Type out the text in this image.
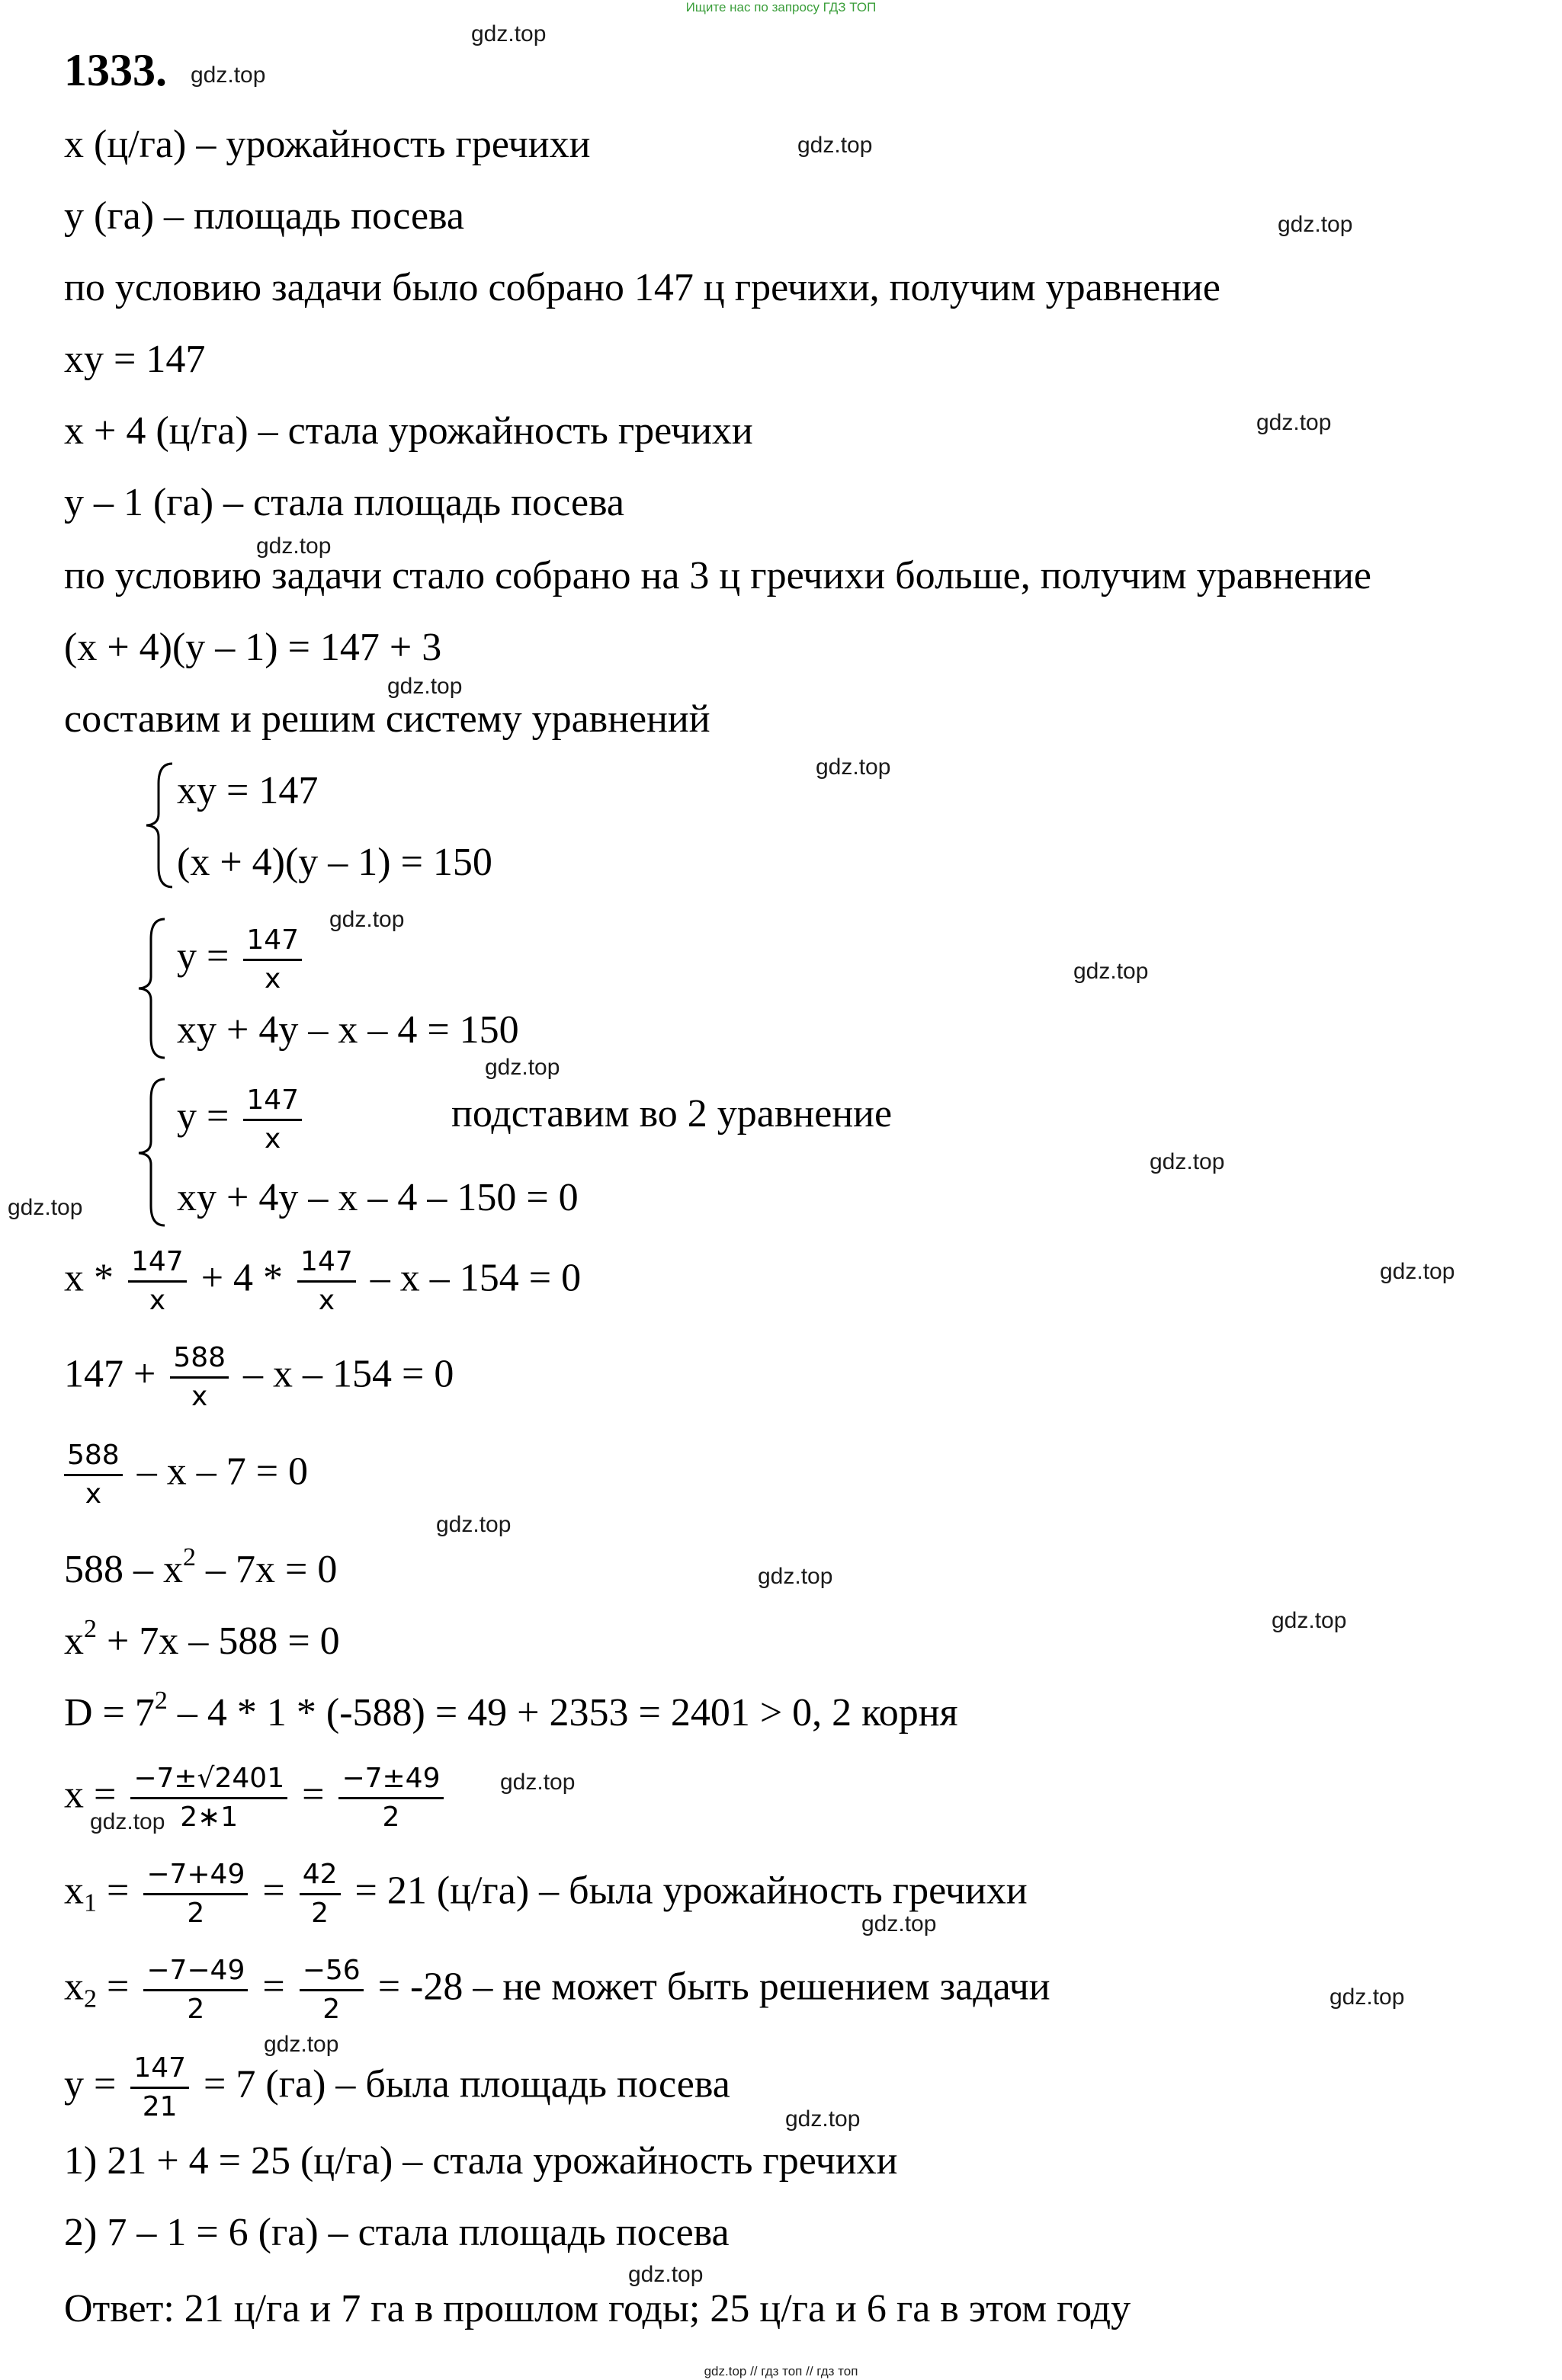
Ищите нас по запросу ГДЗ ТОП
1333.
x (ц/га) – урожайность гречихи
y (га) – площадь посева
по условию задачи было собрано 147 ц гречихи, получим уравнение
xy = 147
x + 4 (ц/га) – стала урожайность гречихи
y – 1 (га) – стала площадь посева
по условию задачи стало собрано на 3 ц гречихи больше, получим уравнение
(x + 4)(y – 1) = 147 + 3
составим и решим систему уравнений
xy = 147
(x + 4)(y – 1) = 150
$y = \frac{147}{x}$
xy + 4y – x – 4 = 150
$y = \frac{147}{x}$	подставим во 2 уравнение
xy + 4y – x – 4 – 150 = 0
$x * \frac{147}{x} + 4 * \frac{147}{x} - x - 154 = 0$
$147 + \frac{588}{x} - x - 154 = 0$
$\frac{588}{x} - x - 7 = 0$
$588 - x^2 - 7x = 0$
$x^2 + 7x - 588 = 0$
$D = 7^2 - 4 * 1 * (-588) = 49 + 2353 = 2401 > 0$, 2 корня
$x = \frac{-7\pm√2401}{2∗1} = \frac{-7\pm 49}{2}$
$x_1 = \frac{-7+49}{2} = \frac{42}{2} = 21$ (ц/га) – была урожайность гречихи
$x_2 = \frac{-7-49}{2} = \frac{-56}{2} = -28$ – не может быть решением задачи
$y = \frac{147}{21} = 7$ (га) – была площадь посева
1) 21 + 4 = 25 (ц/га) – стала урожайность гречихи
2) 7 – 1 = 6 (га) – стала площадь посева
Ответ: 21 ц/га и 7 га в прошлом годы; 25 ц/га и 6 га в этом году
gdz.top
gdz.top
gdz.top
gdz.top
gdz.top
gdz.top
gdz.top
gdz.top
gdz.top
gdz.top
gdz.top
gdz.top
gdz.top
gdz.top
gdz.top
gdz.top
gdz.top
gdz.top
gdz.top
gdz.top
gdz.top
gdz.top
gdz.top
gdz.top
gdz.top // гдз топ // гдз топ
